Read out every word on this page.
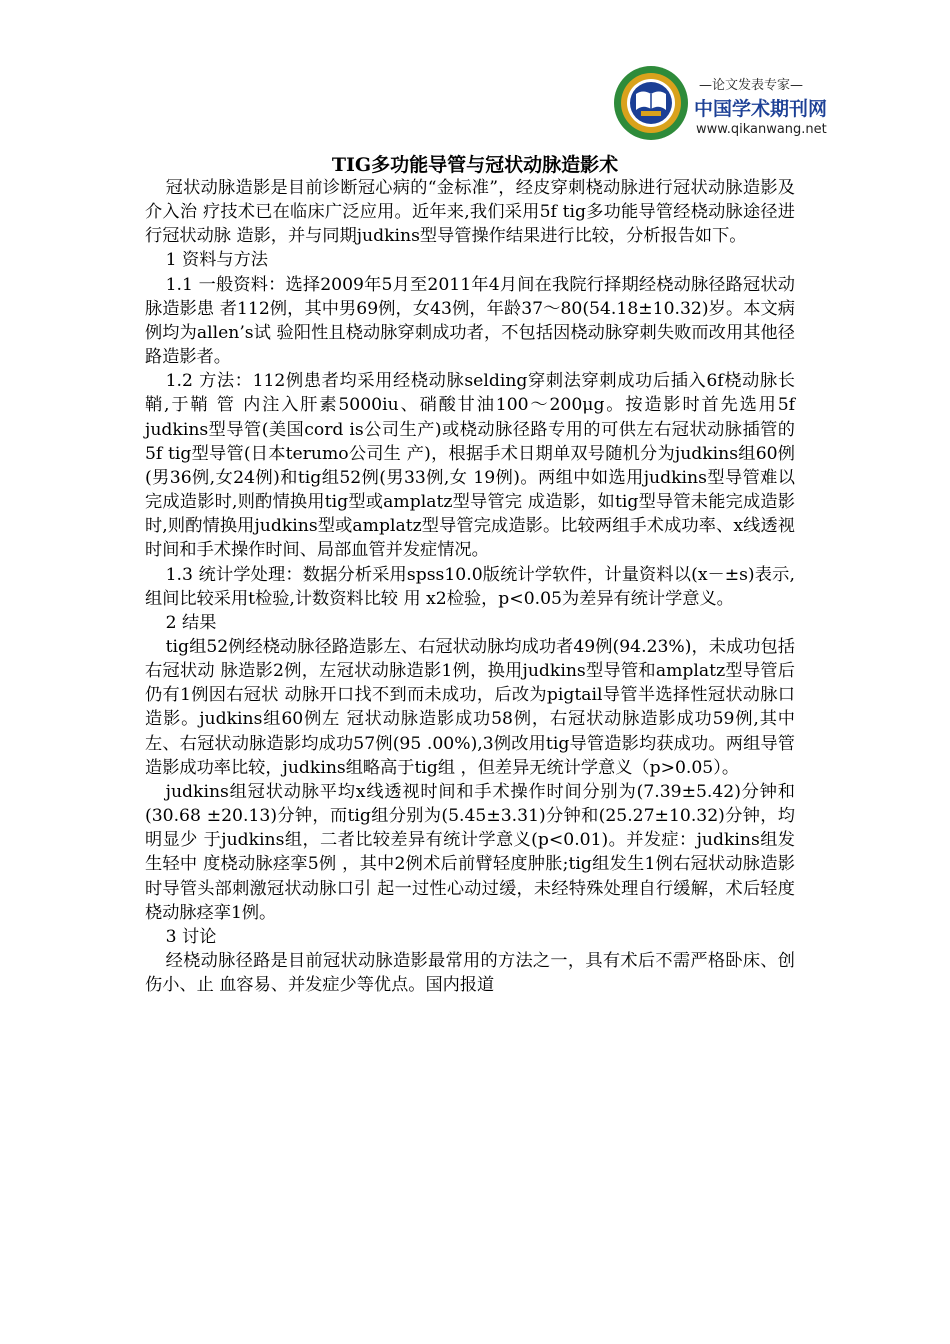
—论文发表专家—
中国学术期刊网
www.qikanwang.net
TIG多功能导管与冠状动脉造影术

冠状动脉造影是目前诊断冠心病的“金标准”，经皮穿刺桡动脉进行冠状动脉造影及介入治 疗技术已在临床广泛应用。近年来,我们采用5f tig多功能导管经桡动脉途径进行冠状动脉 造影，并与同期judkins型导管操作结果进行比较，分析报告如下。

1 资料与方法

1.1 一般资料：选择2009年5月至2011年4月间在我院行择期经桡动脉径路冠状动脉造影患 者112例，其中男69例，女43例，年龄37～80(54.18±10.32)岁。本文病例均为allen’s试 验阳性且桡动脉穿刺成功者，不包括因桡动脉穿刺失败而改用其他径路造影者。

1.2 方法：112例患者均采用经桡动脉selding穿刺法穿刺成功后插入6f桡动脉长鞘,于鞘 管 内注入肝素5000iu、硝酸甘油100～200μg。按造影时首先选用5f judkins型导管(美国cord is公司生产)或桡动脉径路专用的可供左右冠状动脉插管的5f tig型导管(日本terumo公司生 产)，根据手术日期单双号随机分为judkins组60例(男36例,女24例)和tig组52例(男33例,女 19例)。两组中如选用judkins型导管难以完成造影时,则酌情换用tig型或amplatz型导管完 成造影，如tig型导管未能完成造影时,则酌情换用judkins型或amplatz型导管完成造影。比较两组手术成功率、x线透视时间和手术操作时间、局部血管并发症情况。

1.3 统计学处理：数据分析采用spss10.0版统计学软件，计量资料以(x－±s)表示,组间比较采用t检验,计数资料比较 用 x2检验，p<0.05为差异有统计学意义。

2 结果

tig组52例经桡动脉径路造影左、右冠状动脉均成功者49例(94.23%)，未成功包括右冠状动 脉造影2例，左冠状动脉造影1例，换用judkins型导管和amplatz型导管后仍有1例因右冠状 动脉开口找不到而未成功，后改为pigtail导管半选择性冠状动脉口造影。judkins组60例左 冠状动脉造影成功58例，右冠状动脉造影成功59例,其中左、右冠状动脉造影均成功57例(95 .00%),3例改用tig导管造影均获成功。两组导管造影成功率比较，judkins组略高于tig组 ，但差异无统计学意义（p>0.05）。

judkins组冠状动脉平均x线透视时间和手术操作时间分别为(7.39±5.42)分钟和(30.68 ±20.13)分钟，而tig组分别为(5.45±3.31)分钟和(25.27±10.32)分钟，均明显少 于judkins组，二者比较差异有统计学意义(p<0.01)。并发症：judkins组发生轻中 度桡动脉痉挛5例 ，其中2例术后前臂轻度肿胀;tig组发生1例右冠状动脉造影时导管头部刺激冠状动脉口引 起一过性心动过缓，未经特殊处理自行缓解，术后轻度桡动脉痉挛1例。

3 讨论

经桡动脉径路是目前冠状动脉造影最常用的方法之一，具有术后不需严格卧床、创伤小、止 血容易、并发症少等优点。国内报道
